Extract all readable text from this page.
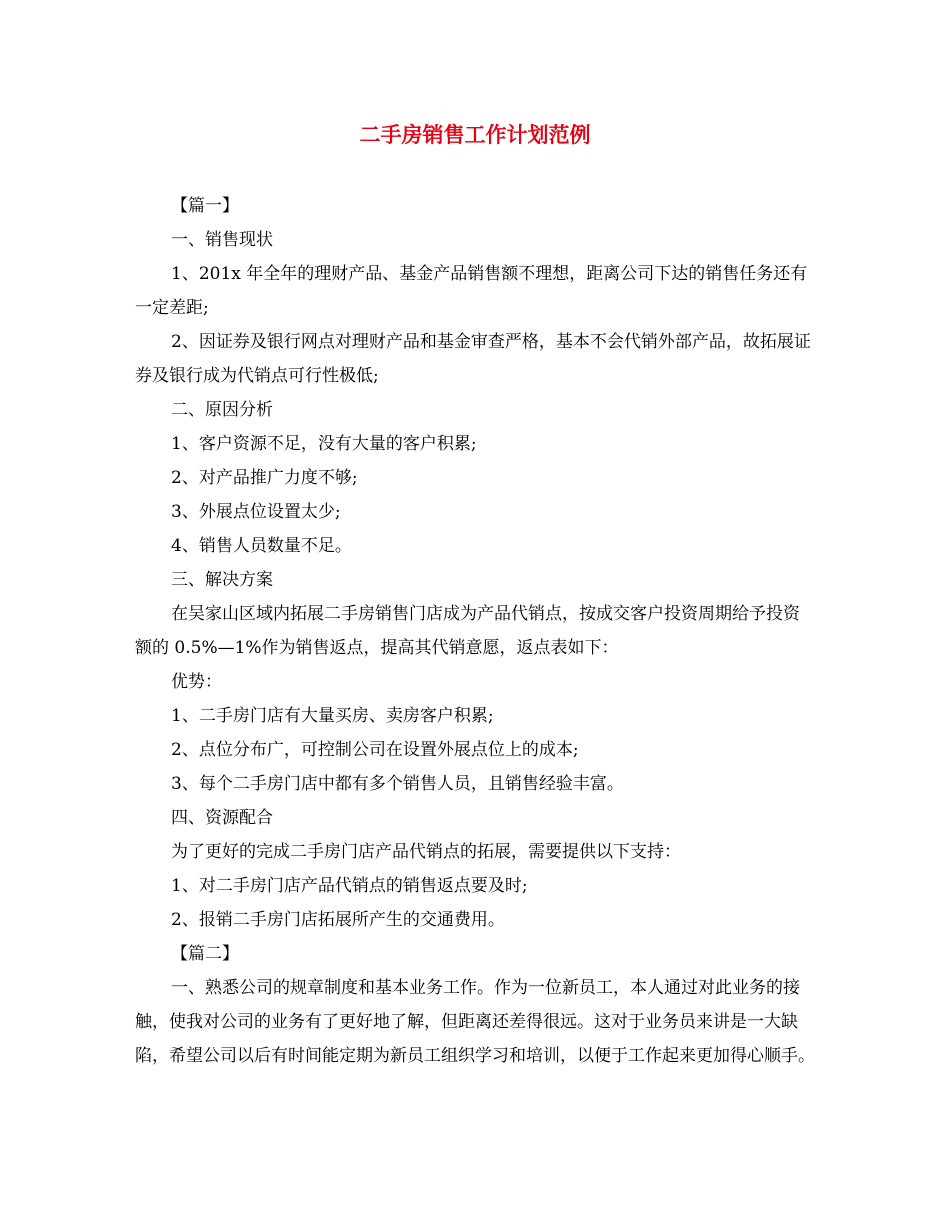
二手房销售工作计划范例

【篇一】

一、销售现状

1、201x 年全年的理财产品、基金产品销售额不理想，距离公司下达的销售任务还有一定差距;

2、因证券及银行网点对理财产品和基金审查严格，基本不会代销外部产品，故拓展证券及银行成为代销点可行性极低;

二、原因分析

1、客户资源不足，没有大量的客户积累;

2、对产品推广力度不够;

3、外展点位设置太少;

4、销售人员数量不足。

三、解决方案

在吴家山区域内拓展二手房销售门店成为产品代销点，按成交客户投资周期给予投资额的 0.5%—1%作为销售返点，提高其代销意愿，返点表如下：

优势：

1、二手房门店有大量买房、卖房客户积累;

2、点位分布广，可控制公司在设置外展点位上的成本;

3、每个二手房门店中都有多个销售人员，且销售经验丰富。

四、资源配合

为了更好的完成二手房门店产品代销点的拓展，需要提供以下支持：

1、对二手房门店产品代销点的销售返点要及时;

2、报销二手房门店拓展所产生的交通费用。

【篇二】

一、熟悉公司的规章制度和基本业务工作。作为一位新员工，本人通过对此业务的接触，使我对公司的业务有了更好地了解，但距离还差得很远。这对于业务员来讲是一大缺陷，希望公司以后有时间能定期为新员工组织学习和培训，以便于工作起来更加得心顺手。
